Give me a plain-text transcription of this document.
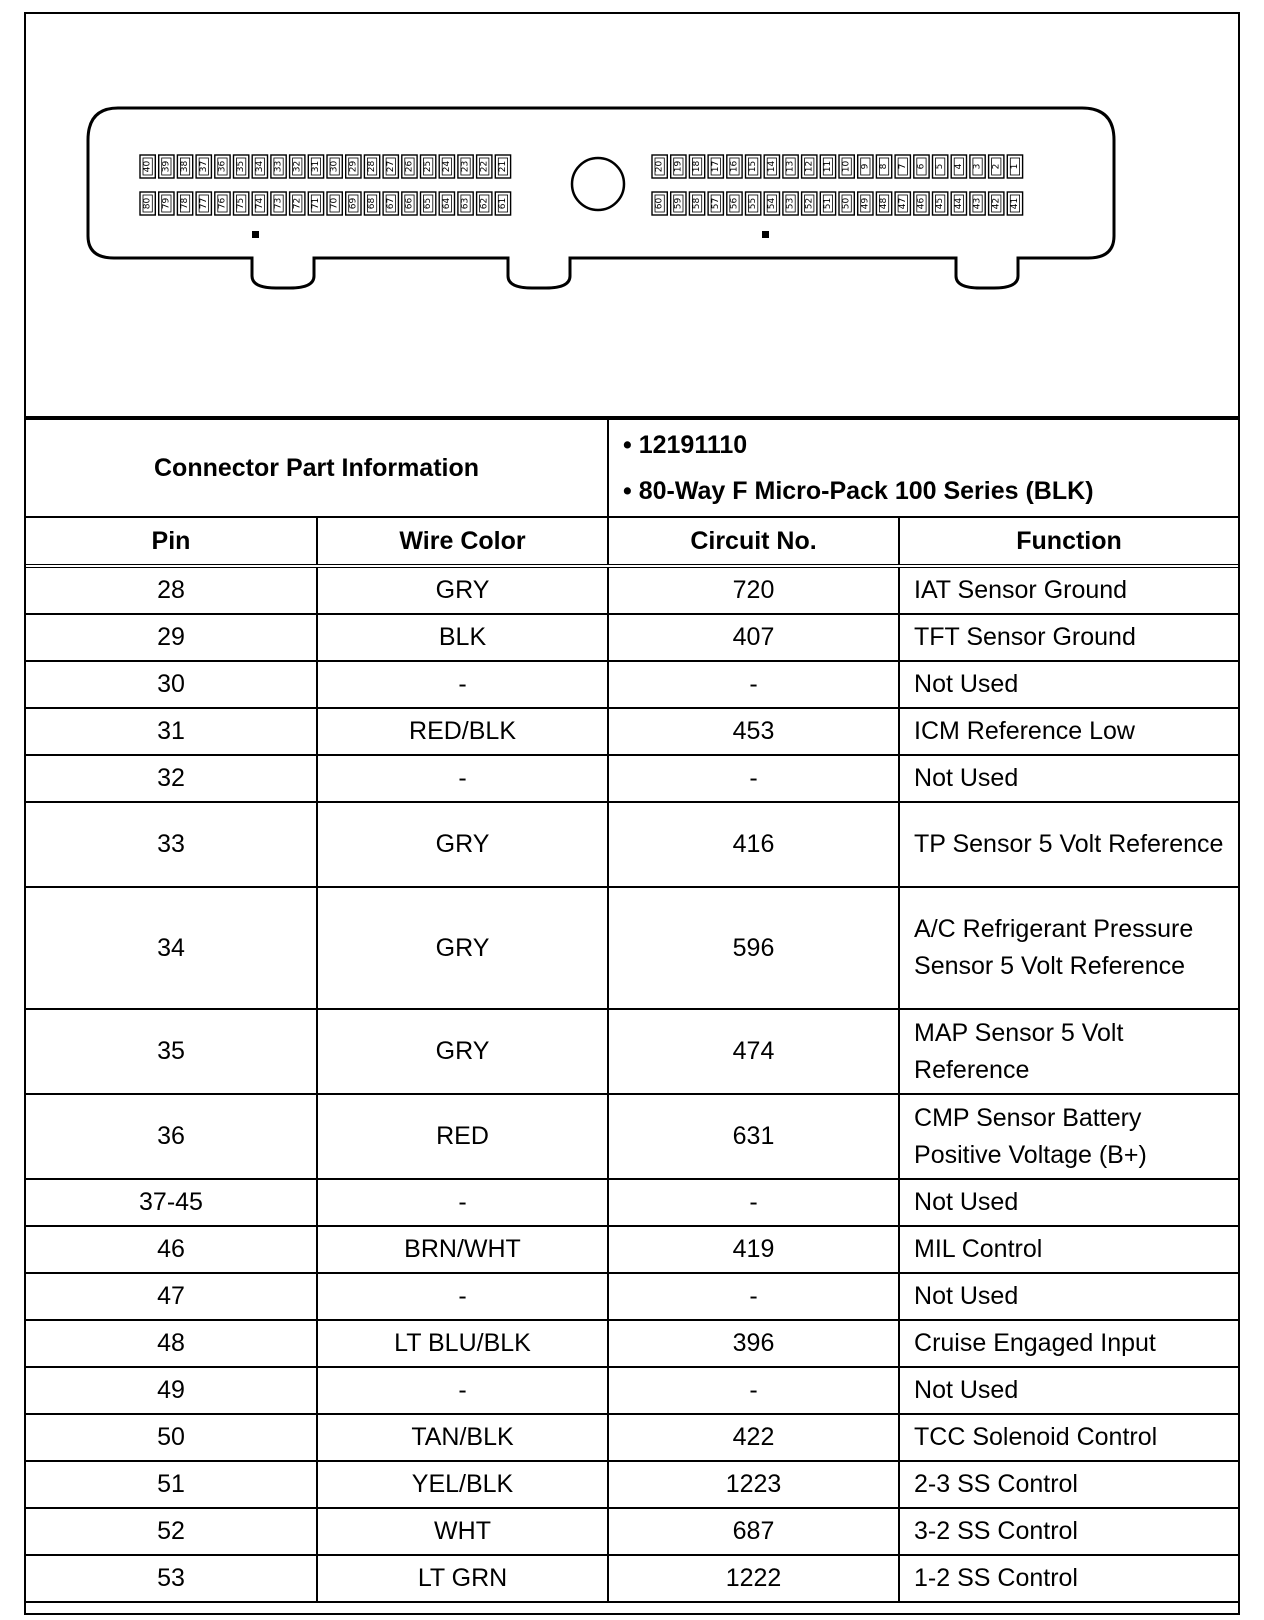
40 39 38 37 36 35 34 33 32 31 30 29 28 27 26 25 24 23 22 21
80 79 78 77 76 75 74 73 72 71 70 69 68 67 66 65 64 63 62 61
20 19 18 17 16 15 14 13 12 11 10 9 8 7 6 5 4 3 2 1
60 59 58 57 56 55 54 53 52 51 50 49 48 47 46 45 44 43 42 41
Connector Part Information		• 12191110
• 80-Way F Micro-Pack 100 Series (BLK)	

Pin	Wire Color	Circuit No.	Function
28	GRY	720	IAT Sensor Ground
29	BLK	407	TFT Sensor Ground
30	-	-	Not Used
31	RED/BLK	453	ICM Reference Low
32	-	-	Not Used
33	GRY	416	TP Sensor 5 Volt Reference
34	GRY	596	A/C Refrigerant Pressure Sensor 5 Volt Reference
35	GRY	474	MAP Sensor 5 Volt Reference
36	RED	631	CMP Sensor Battery Positive Voltage (B+)
37-45	-	-	Not Used
46	BRN/WHT	419	MIL Control
47	-	-	Not Used
48	LT BLU/BLK	396	Cruise Engaged Input
49	-	-	Not Used
50	TAN/BLK	422	TCC Solenoid Control
51	YEL/BLK	1223	2-3 SS Control
52	WHT	687	3-2 SS Control
53	LT GRN	1222	1-2 SS Control
